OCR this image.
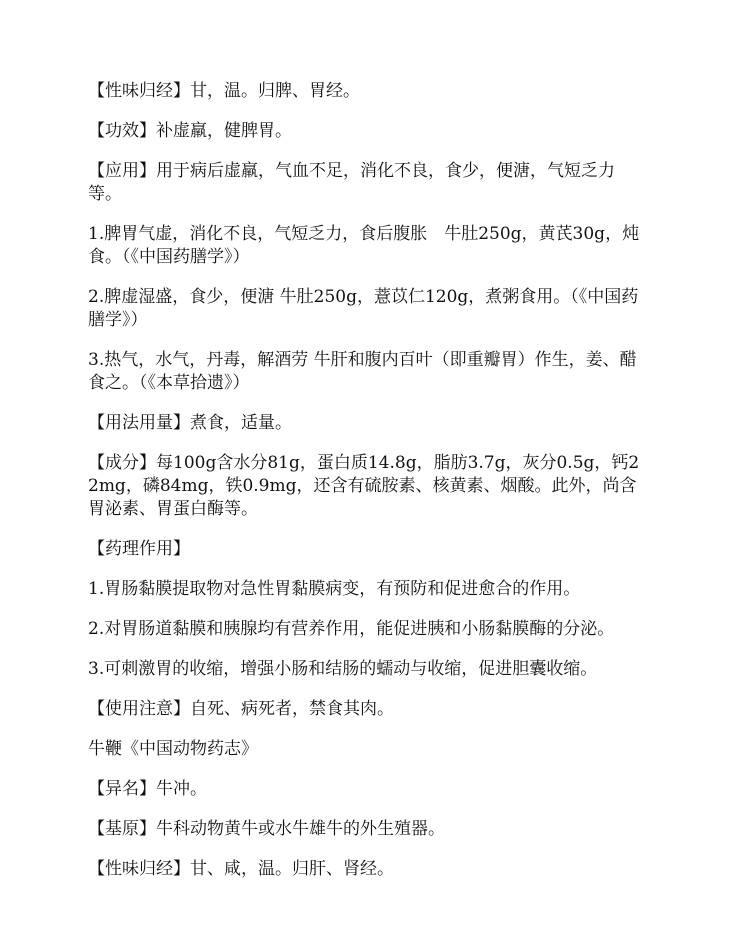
【性味归经】甘，温。归脾、胃经。

【功效】补虚羸，健脾胃。

【应用】用于病后虚羸，气血不足，消化不良，食少，便溏，气短乏力等。

1.脾胃气虚，消化不良，气短乏力，食后腹胀　牛肚250g，黄芪30g，炖食。（《中国药膳学》）

2.脾虚湿盛，食少，便溏 牛肚250g，薏苡仁120g，煮粥食用。（《中国药膳学》）

3.热气，水气，丹毒，解酒劳 牛肝和腹内百叶（即重瓣胃）作生，姜、醋食之。（《本草拾遗》）

【用法用量】煮食，适量。

【成分】每100g含水分81g，蛋白质14.8g，脂肪3.7g，灰分0.5g，钙22mg，磷84mg，铁0.9mg，还含有硫胺素、核黄素、烟酸。此外，尚含胃泌素、胃蛋白酶等。

【药理作用】

1.胃肠黏膜提取物对急性胃黏膜病变，有预防和促进愈合的作用。

2.对胃肠道黏膜和胰腺均有营养作用，能促进胰和小肠黏膜酶的分泌。

3.可刺激胃的收缩，增强小肠和结肠的蠕动与收缩，促进胆囊收缩。

【使用注意】自死、病死者，禁食其肉。

牛鞭《中国动物药志》

【异名】牛冲。

【基原】牛科动物黄牛或水牛雄牛的外生殖器。

【性味归经】甘、咸，温。归肝、肾经。
